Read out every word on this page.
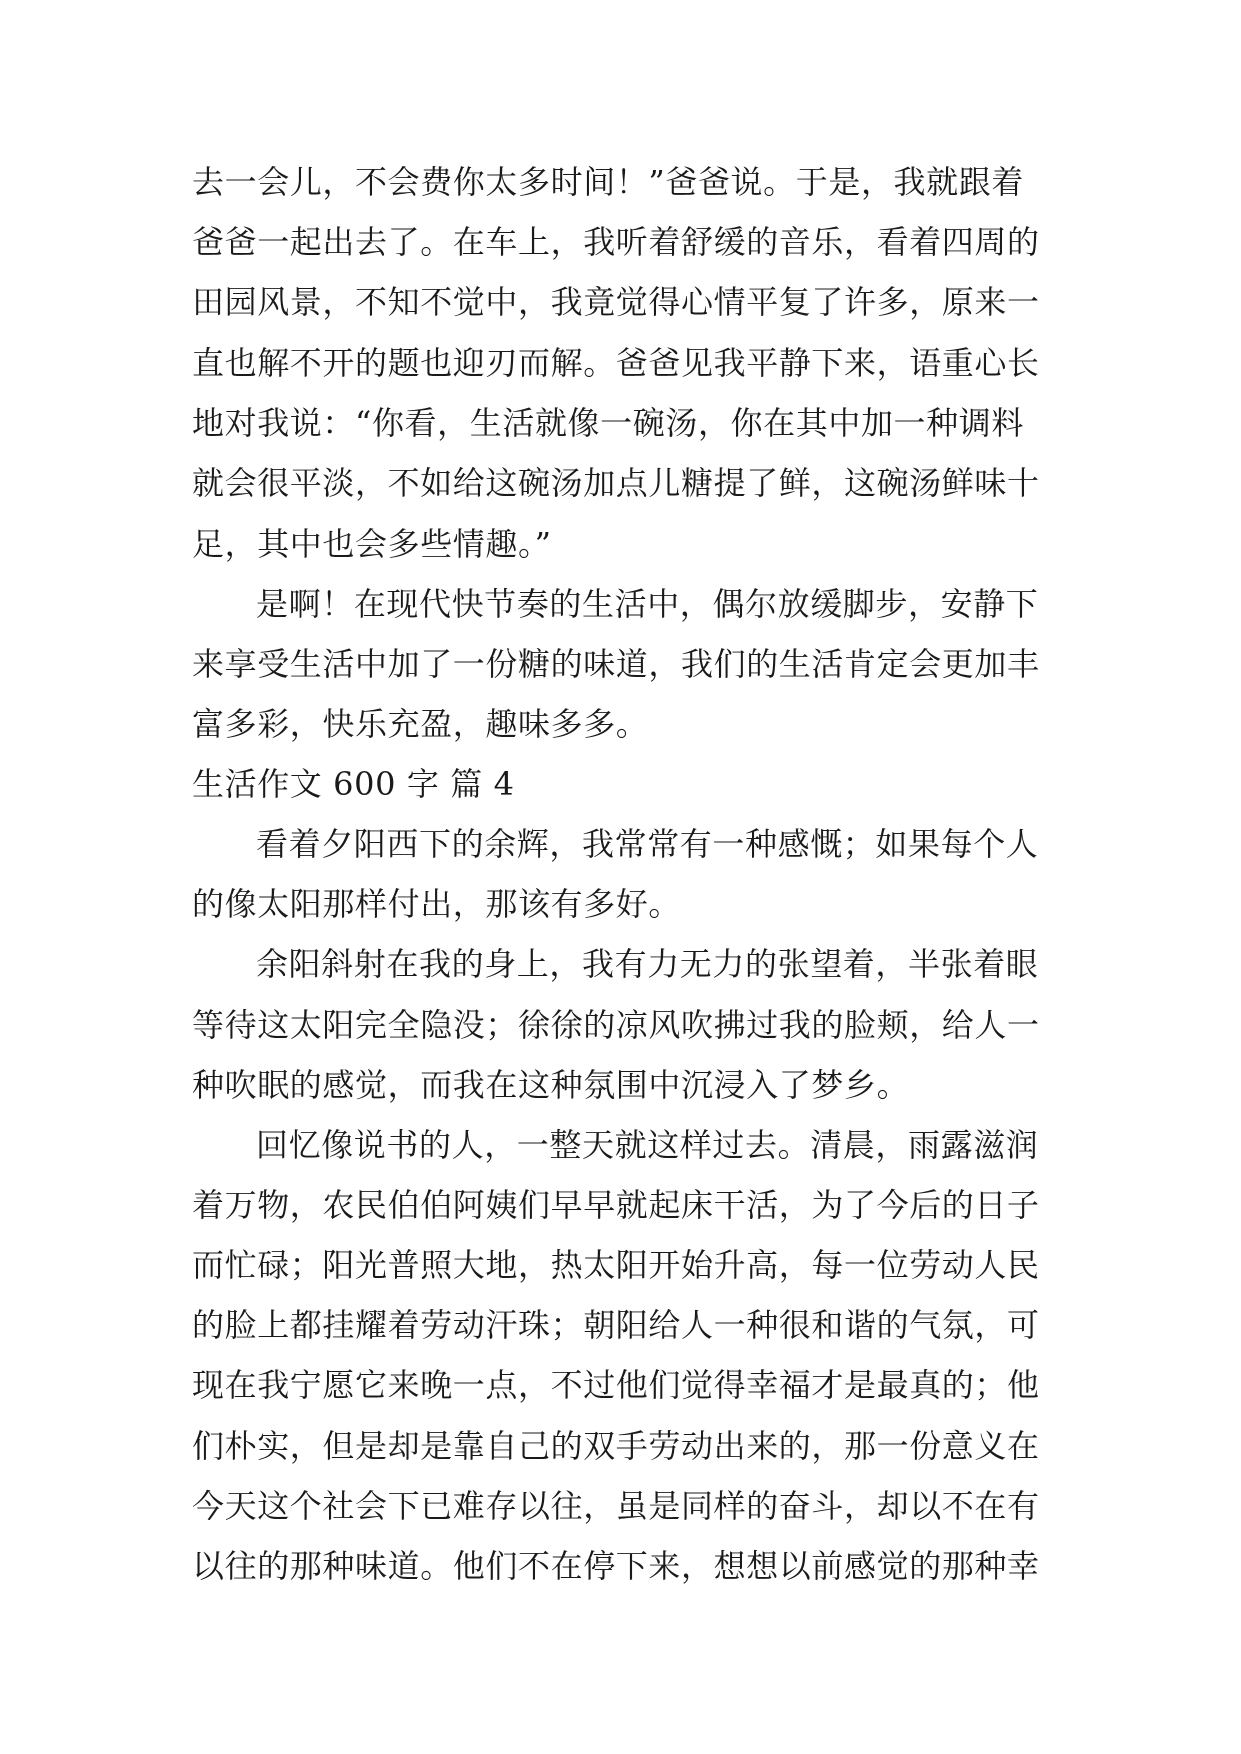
去一会儿，不会费你太多时间！”爸爸说。于是，我就跟着
爸爸一起出去了。在车上，我听着舒缓的音乐，看着四周的
田园风景，不知不觉中，我竟觉得心情平复了许多，原来一
直也解不开的题也迎刃而解。爸爸见我平静下来，语重心长
地对我说：“你看，生活就像一碗汤，你在其中加一种调料
就会很平淡，不如给这碗汤加点儿糖提了鲜，这碗汤鲜味十
足，其中也会多些情趣。”
是啊！在现代快节奏的生活中，偶尔放缓脚步，安静下
来享受生活中加了一份糖的味道，我们的生活肯定会更加丰
富多彩，快乐充盈，趣味多多。
生活作文 600 字 篇 4
看着夕阳西下的余辉，我常常有一种感慨；如果每个人
的像太阳那样付出，那该有多好。
余阳斜射在我的身上，我有力无力的张望着，半张着眼
等待这太阳完全隐没；徐徐的凉风吹拂过我的脸颊，给人一
种吹眠的感觉，而我在这种氛围中沉浸入了梦乡。
回忆像说书的人，一整天就这样过去。清晨，雨露滋润
着万物，农民伯伯阿姨们早早就起床干活，为了今后的日子
而忙碌；阳光普照大地，热太阳开始升高，每一位劳动人民
的脸上都挂耀着劳动汗珠；朝阳给人一种很和谐的气氛，可
现在我宁愿它来晚一点，不过他们觉得幸福才是最真的；他
们朴实，但是却是靠自己的双手劳动出来的，那一份意义在
今天这个社会下已难存以往，虽是同样的奋斗，却以不在有
以往的那种味道。他们不在停下来，想想以前感觉的那种幸
